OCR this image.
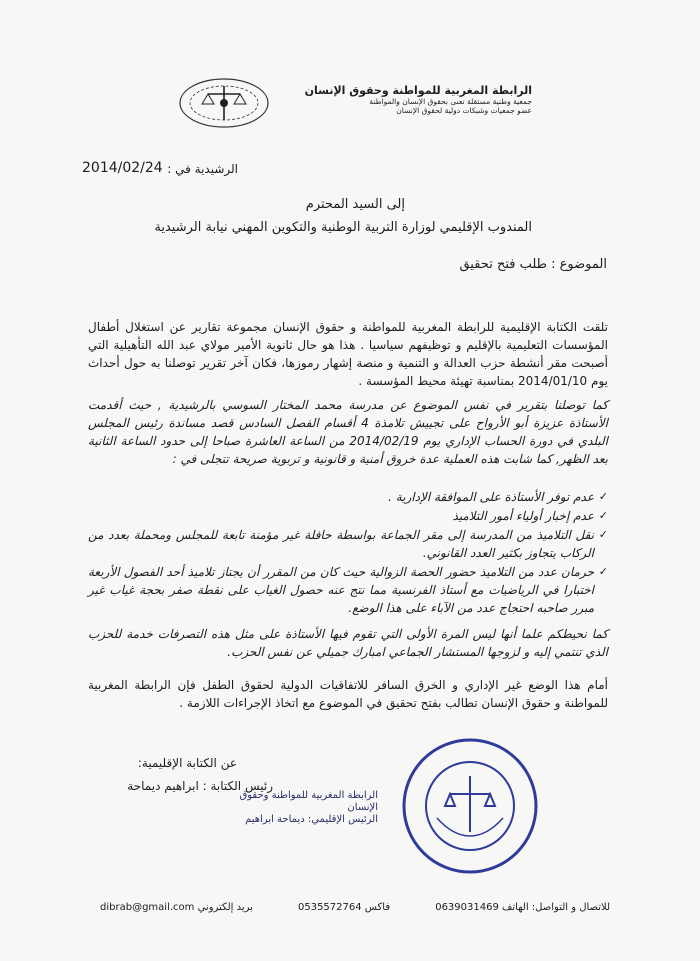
الرابطة المغربية للمواطنة وحقوق الإنسان
جمعية وطنية مستقلة تعنى بحقوق الإنسان والمواطنة
عضو جمعيات وشبكات دولية لحقوق الإنسان
الرشيدية في :
2014/02/24
إلى السيد المحترم
المندوب الإقليمي لوزارة التربية الوطنية والتكوين المهني نيابة الرشيدية
الموضوع : طلب فتح تحقيق
تلقت الكتابة الإقليمية للرابطة المغربية للمواطنة و حقوق الإنسان مجموعة تقارير عن استغلال أطفال المؤسسات التعليمية بالإقليم و توظيفهم سياسيا . هذا هو حال ثانوية الأمير مولاي عبد الله التأهيلية التي أصبحت مقر أنشطة حزب العدالة و التنمية و منصة إشهار رموزها، فكان آخر تقرير توصلنا به حول أحداث يوم 2014/01/10 بمناسبة تهيئة محيط المؤسسة .
كما توصلنا بتقرير في نفس الموضوع عن مدرسة محمد المختار السوسي بالرشيدية , حيث أقدمت الأستاذة عزيزة أبو الأرواح على تجييش تلامذة 4 أقسام الفصل السادس قصد مساندة رئيس المجلس البلدي في دورة الحساب الإداري يوم 2014/02/19 من الساعة العاشرة صباحا إلى حدود الساعة الثانية بعد الظهر, كما شابت هذه العملية عدة خروق أمنية و قانونية و تربوية صريحة تتجلى في :
✓ عدم توفر الأستاذة على الموافقة الإدارية .
✓ عدم إخبار أولياء أمور التلاميذ
✓ نقل التلاميذ من المدرسة إلى مقر الجماعة بواسطة حافلة غير مؤمنة تابعة للمجلس ومحملة بعدد من الركاب يتجاوز بكثير العدد القانوني.
✓ حرمان عدد من التلاميذ حضور الحصة الزوالية حيث كان من المقرر أن يجتاز تلاميذ أحد الفصول الأربعة اختبارا في الرياضيات مع أستاذ الفرنسية مما نتج عنه حصول الغياب على نقطة صفر بحجة غياب غير مبرر صاحبه احتجاج عدد من الآباء على هذا الوضع.
كما نحيطكم علما أنها ليس المرة الأولى التي تقوم فيها الأستاذة على مثل هذه التصرفات خدمة للحزب الذي تنتمي إليه و لزوجها المستشار الجماعي امبارك جميلي عن نفس الحزب.
أمام هذا الوضع غير الإداري و الخرق السافر للاتفاقيات الدولية لحقوق الطفل فإن الرابطة المغربية للمواطنة و حقوق الإنسان تطالب بفتح تحقيق في الموضوع مع اتخاذ الإجراءات اللازمة .
عن الكتابة الإقليمية:
رئيس الكتابة : ابراهيم ديماحة
الرابطة المغربية للمواطنة وحقوق الإنسان
الرئيس الإقليمي: ديماحة ابراهيم
للاتصال و التواصل: الهاتف 0639031469
فاكس 0535572764
بريد إلكتروني dibrab@gmail.com
